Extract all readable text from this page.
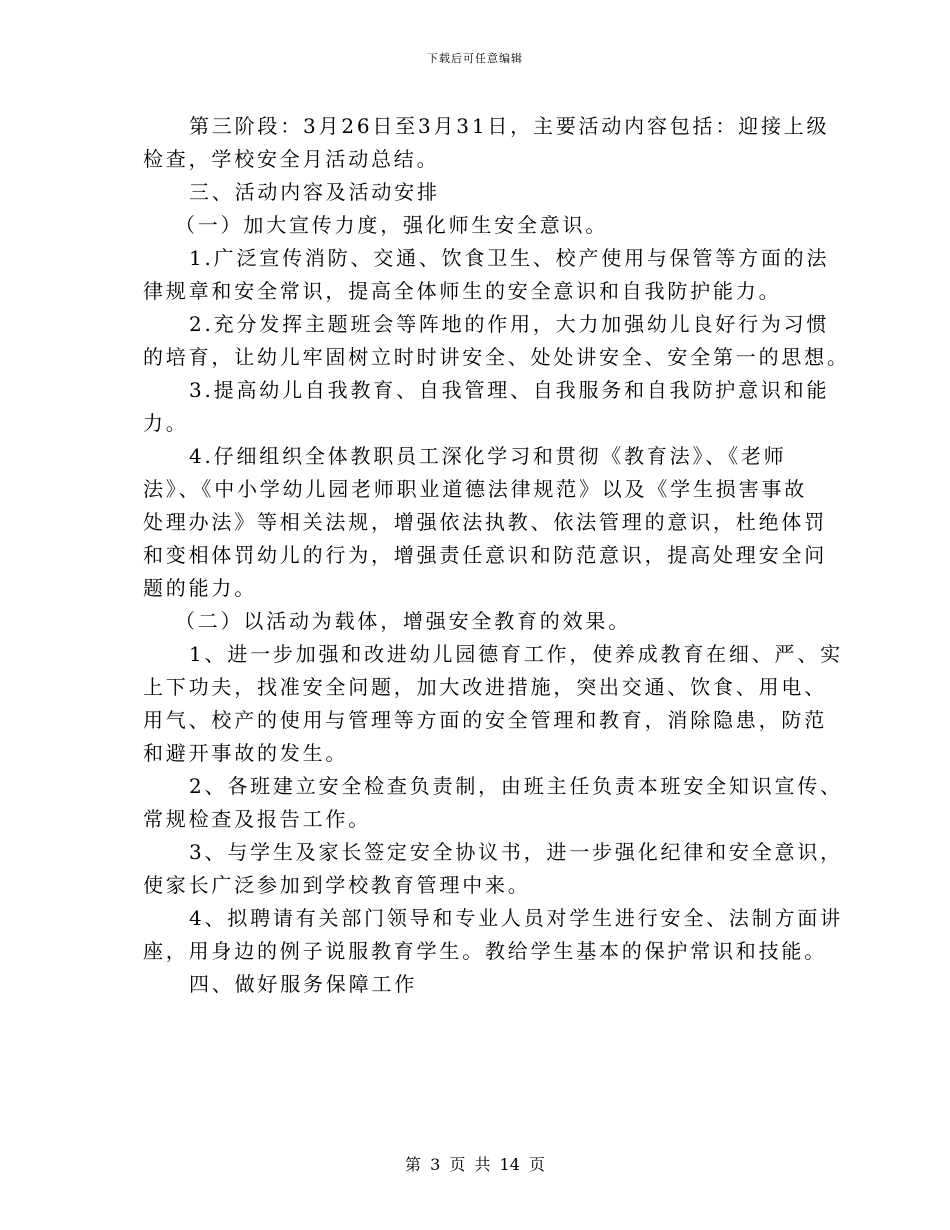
下载后可任意编辑
第三阶段：3月26日至3月31日，主要活动内容包括：迎接上级
检查，学校安全月活动总结。
三、活动内容及活动安排
（一）加大宣传力度，强化师生安全意识。
1.广泛宣传消防、交通、饮食卫生、校产使用与保管等方面的法
律规章和安全常识，提高全体师生的安全意识和自我防护能力。
2.充分发挥主题班会等阵地的作用，大力加强幼儿良好行为习惯
的培育，让幼儿牢固树立时时讲安全、处处讲安全、安全第一的思想。
3.提高幼儿自我教育、自我管理、自我服务和自我防护意识和能
力。
4.仔细组织全体教职员工深化学习和贯彻《教育法》、《老师
法》、《中小学幼儿园老师职业道德法律规范》以及《学生损害事故
处理办法》等相关法规，增强依法执教、依法管理的意识，杜绝体罚
和变相体罚幼儿的行为，增强责任意识和防范意识，提高处理安全问
题的能力。
（二）以活动为载体，增强安全教育的效果。
1、进一步加强和改进幼儿园德育工作，使养成教育在细、严、实
上下功夫，找准安全问题，加大改进措施，突出交通、饮食、用电、
用气、校产的使用与管理等方面的安全管理和教育，消除隐患，防范
和避开事故的发生。
2、各班建立安全检查负责制，由班主任负责本班安全知识宣传、
常规检查及报告工作。
3、与学生及家长签定安全协议书，进一步强化纪律和安全意识，
使家长广泛参加到学校教育管理中来。
4、拟聘请有关部门领导和专业人员对学生进行安全、法制方面讲
座，用身边的例子说服教育学生。教给学生基本的保护常识和技能。
四、做好服务保障工作
第 3 页 共 14 页
